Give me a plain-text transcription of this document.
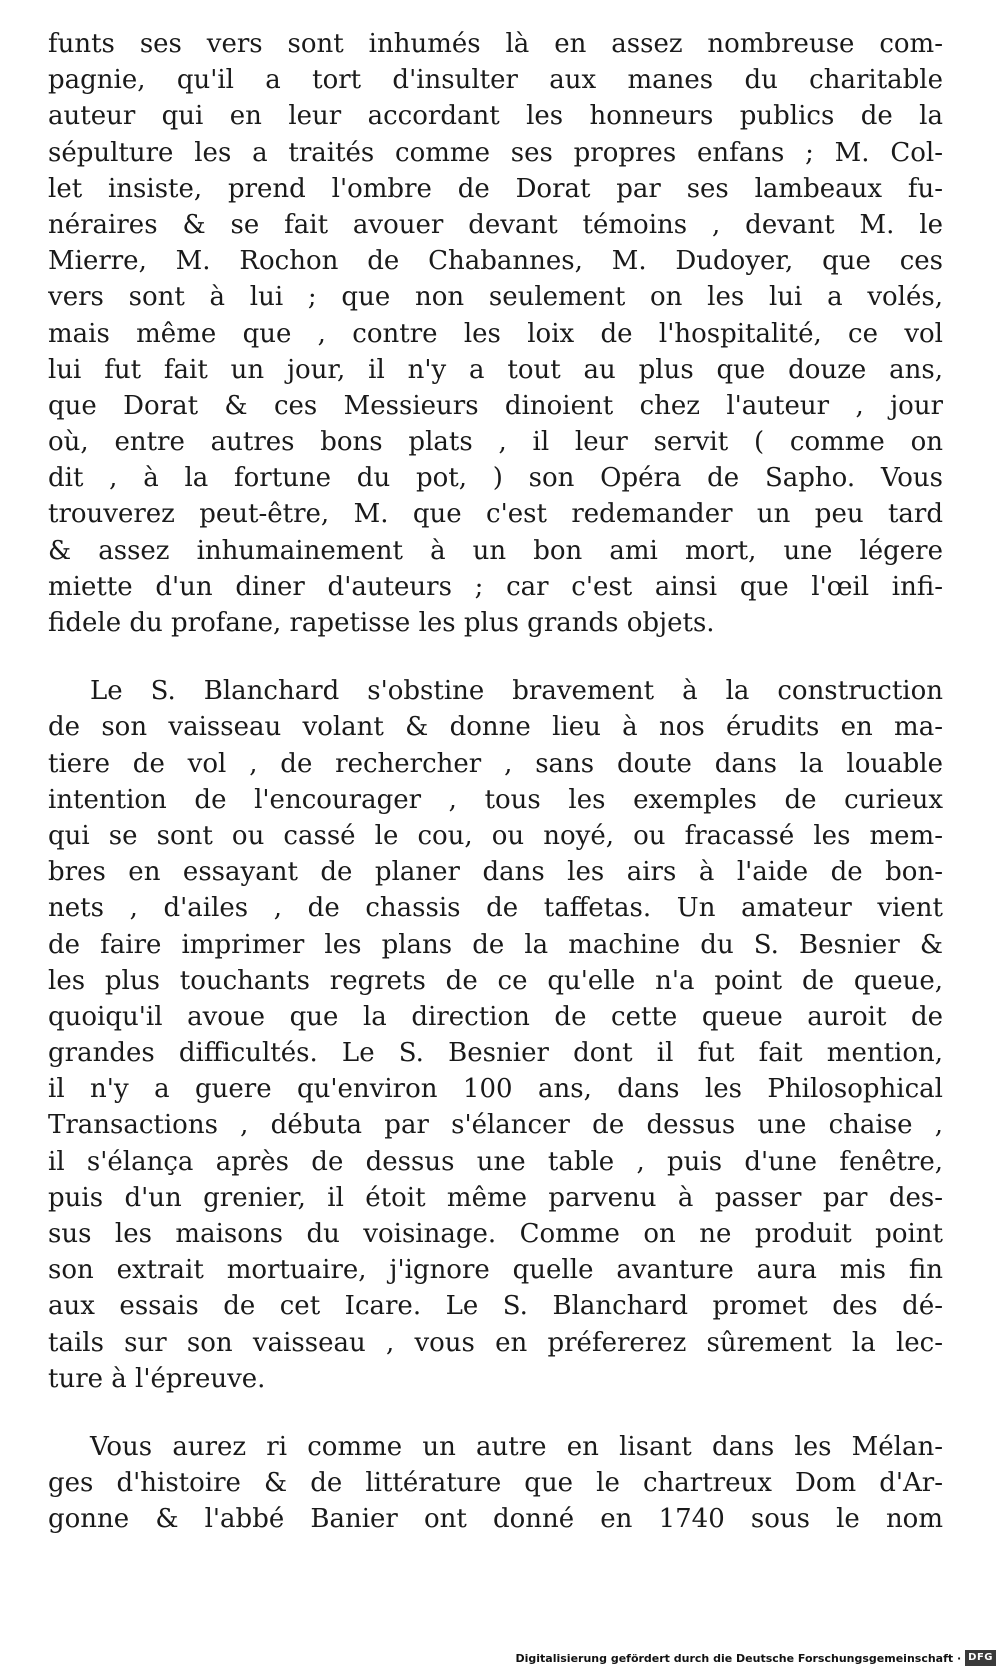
funts ses vers sont inhumés là en assez nombreuse com-
pagnie, qu'il a tort d'insulter aux manes du charitable
auteur qui en leur accordant les honneurs publics de la
sépulture les a traités comme ses propres enfans ; M. Col-
let insiste, prend l'ombre de Dorat par ses lambeaux fu-
néraires & se fait avouer devant témoins , devant M. le
Mierre, M. Rochon de Chabannes, M. Dudoyer, que ces
vers sont à lui ; que non seulement on les lui a volés,
mais même que , contre les loix de l'hospitalité, ce vol
lui fut fait un jour, il n'y a tout au plus que douze ans,
que Dorat & ces Messieurs dinoient chez l'auteur , jour
où, entre autres bons plats , il leur servit ( comme on
dit , à la fortune du pot, ) son Opéra de Sapho. Vous
trouverez peut-être, M. que c'est redemander un peu tard
& assez inhumainement à un bon ami mort, une légere
miette d'un diner d'auteurs ; car c'est ainsi que l'œil infi-
fidele du profane, rapetisse les plus grands objets.
Le S. Blanchard s'obstine bravement à la construction
de son vaisseau volant & donne lieu à nos érudits en ma-
tiere de vol , de rechercher , sans doute dans la louable
intention de l'encourager , tous les exemples de curieux
qui se sont ou cassé le cou, ou noyé, ou fracassé les mem-
bres en essayant de planer dans les airs à l'aide de bon-
nets , d'ailes , de chassis de taffetas. Un amateur vient
de faire imprimer les plans de la machine du S. Besnier &
les plus touchants regrets de ce qu'elle n'a point de queue,
quoiqu'il avoue que la direction de cette queue auroit de
grandes difficultés. Le S. Besnier dont il fut fait mention,
il n'y a guere qu'environ 100 ans, dans les Philosophical
Transactions , débuta par s'élancer de dessus une chaise ,
il s'élança après de dessus une table , puis d'une fenêtre,
puis d'un grenier, il étoit même parvenu à passer par des-
sus les maisons du voisinage. Comme on ne produit point
son extrait mortuaire, j'ignore quelle avanture aura mis fin
aux essais de cet Icare. Le S. Blanchard promet des dé-
tails sur son vaisseau , vous en préfererez sûrement la lec-
ture à l'épreuve.
Vous aurez ri comme un autre en lisant dans les Mélan-
ges d'histoire & de littérature que le chartreux Dom d'Ar-
gonne & l'abbé Banier ont donné en 1740 sous le nom
Digitalisierung gefördert durch die Deutsche Forschungsgemeinschaft · DFG
